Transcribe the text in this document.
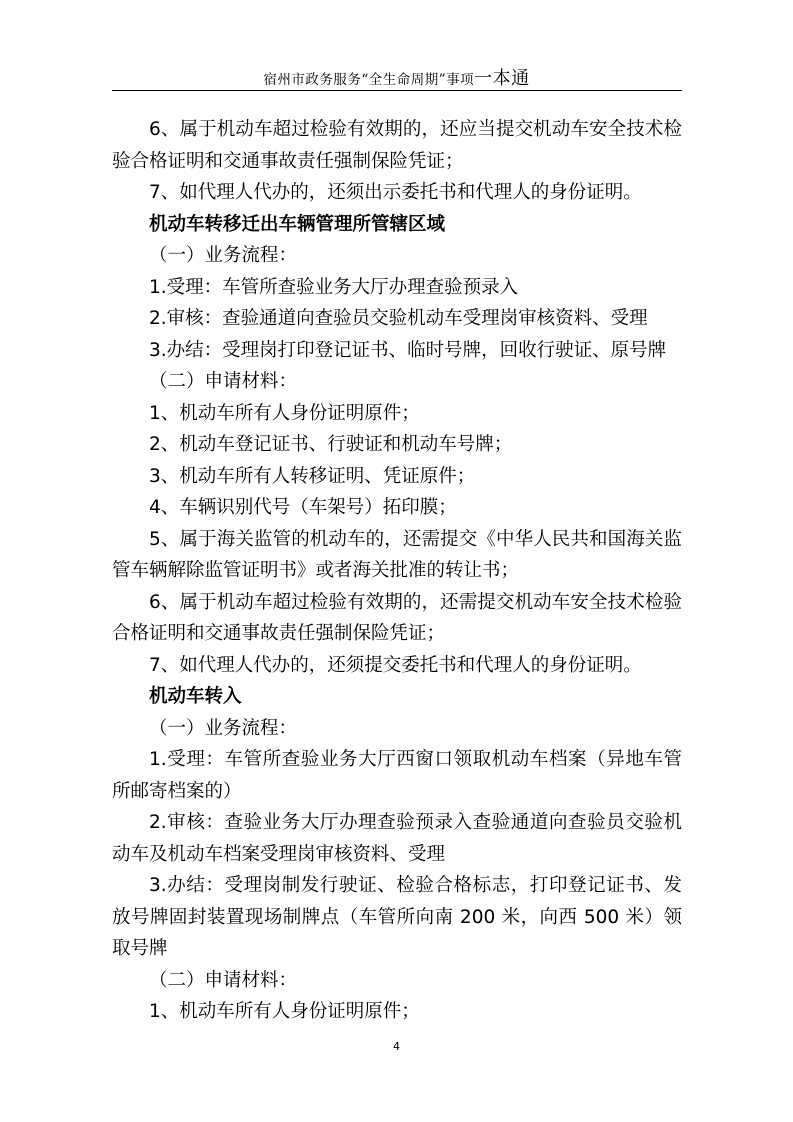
宿州市政务服务“全生命周期”事项一本通

6、属于机动车超过检验有效期的，还应当提交机动车安全技术检验合格证明和交通事故责任强制保险凭证；

7、如代理人代办的，还须出示委托书和代理人的身份证明。

机动车转移迁出车辆管理所管辖区域

（一）业务流程：

1.受理：车管所查验业务大厅办理查验预录入

2.审核：查验通道向查验员交验机动车受理岗审核资料、受理

3.办结：受理岗打印登记证书、临时号牌，回收行驶证、原号牌

（二）申请材料：

1、机动车所有人身份证明原件；

2、机动车登记证书、行驶证和机动车号牌；

3、机动车所有人转移证明、凭证原件；

4、车辆识别代号（车架号）拓印膜；

5、属于海关监管的机动车的，还需提交《中华人民共和国海关监管车辆解除监管证明书》或者海关批准的转让书；

6、属于机动车超过检验有效期的，还需提交机动车安全技术检验合格证明和交通事故责任强制保险凭证；

7、如代理人代办的，还须提交委托书和代理人的身份证明。

机动车转入

（一）业务流程：

1.受理：车管所查验业务大厅西窗口领取机动车档案（异地车管所邮寄档案的）

2.审核：查验业务大厅办理查验预录入查验通道向查验员交验机动车及机动车档案受理岗审核资料、受理

3.办结：受理岗制发行驶证、检验合格标志，打印登记证书、发放号牌固封装置现场制牌点（车管所向南 200 米，向西 500 米）领取号牌

（二）申请材料：

1、机动车所有人身份证明原件；

4
